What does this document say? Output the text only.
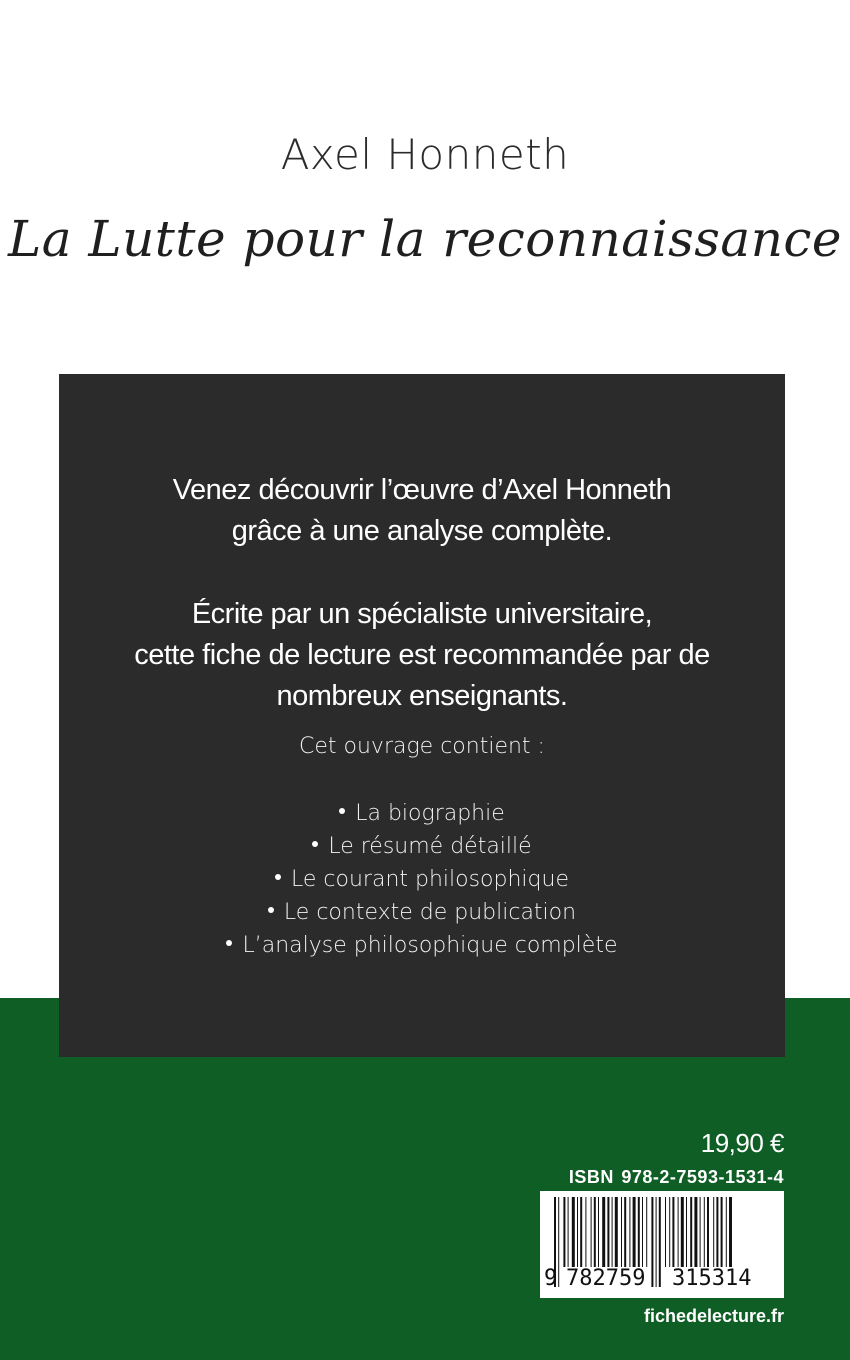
Axel Honneth
La Lutte pour la reconnaissance
Venez découvrir l’œuvre d’Axel Honneth
grâce à une analyse complète.
Écrite par un spécialiste universitaire,
cette fiche de lecture est recommandée par de
nombreux enseignants.
Cet ouvrage contient :
La biographie
Le résumé détaillé
Le courant philosophique
Le contexte de publication
L’analyse philosophique complète
19,90 €
ISBN 978-2-7593-1531-4
9 782759 315314
fichedelecture.fr
